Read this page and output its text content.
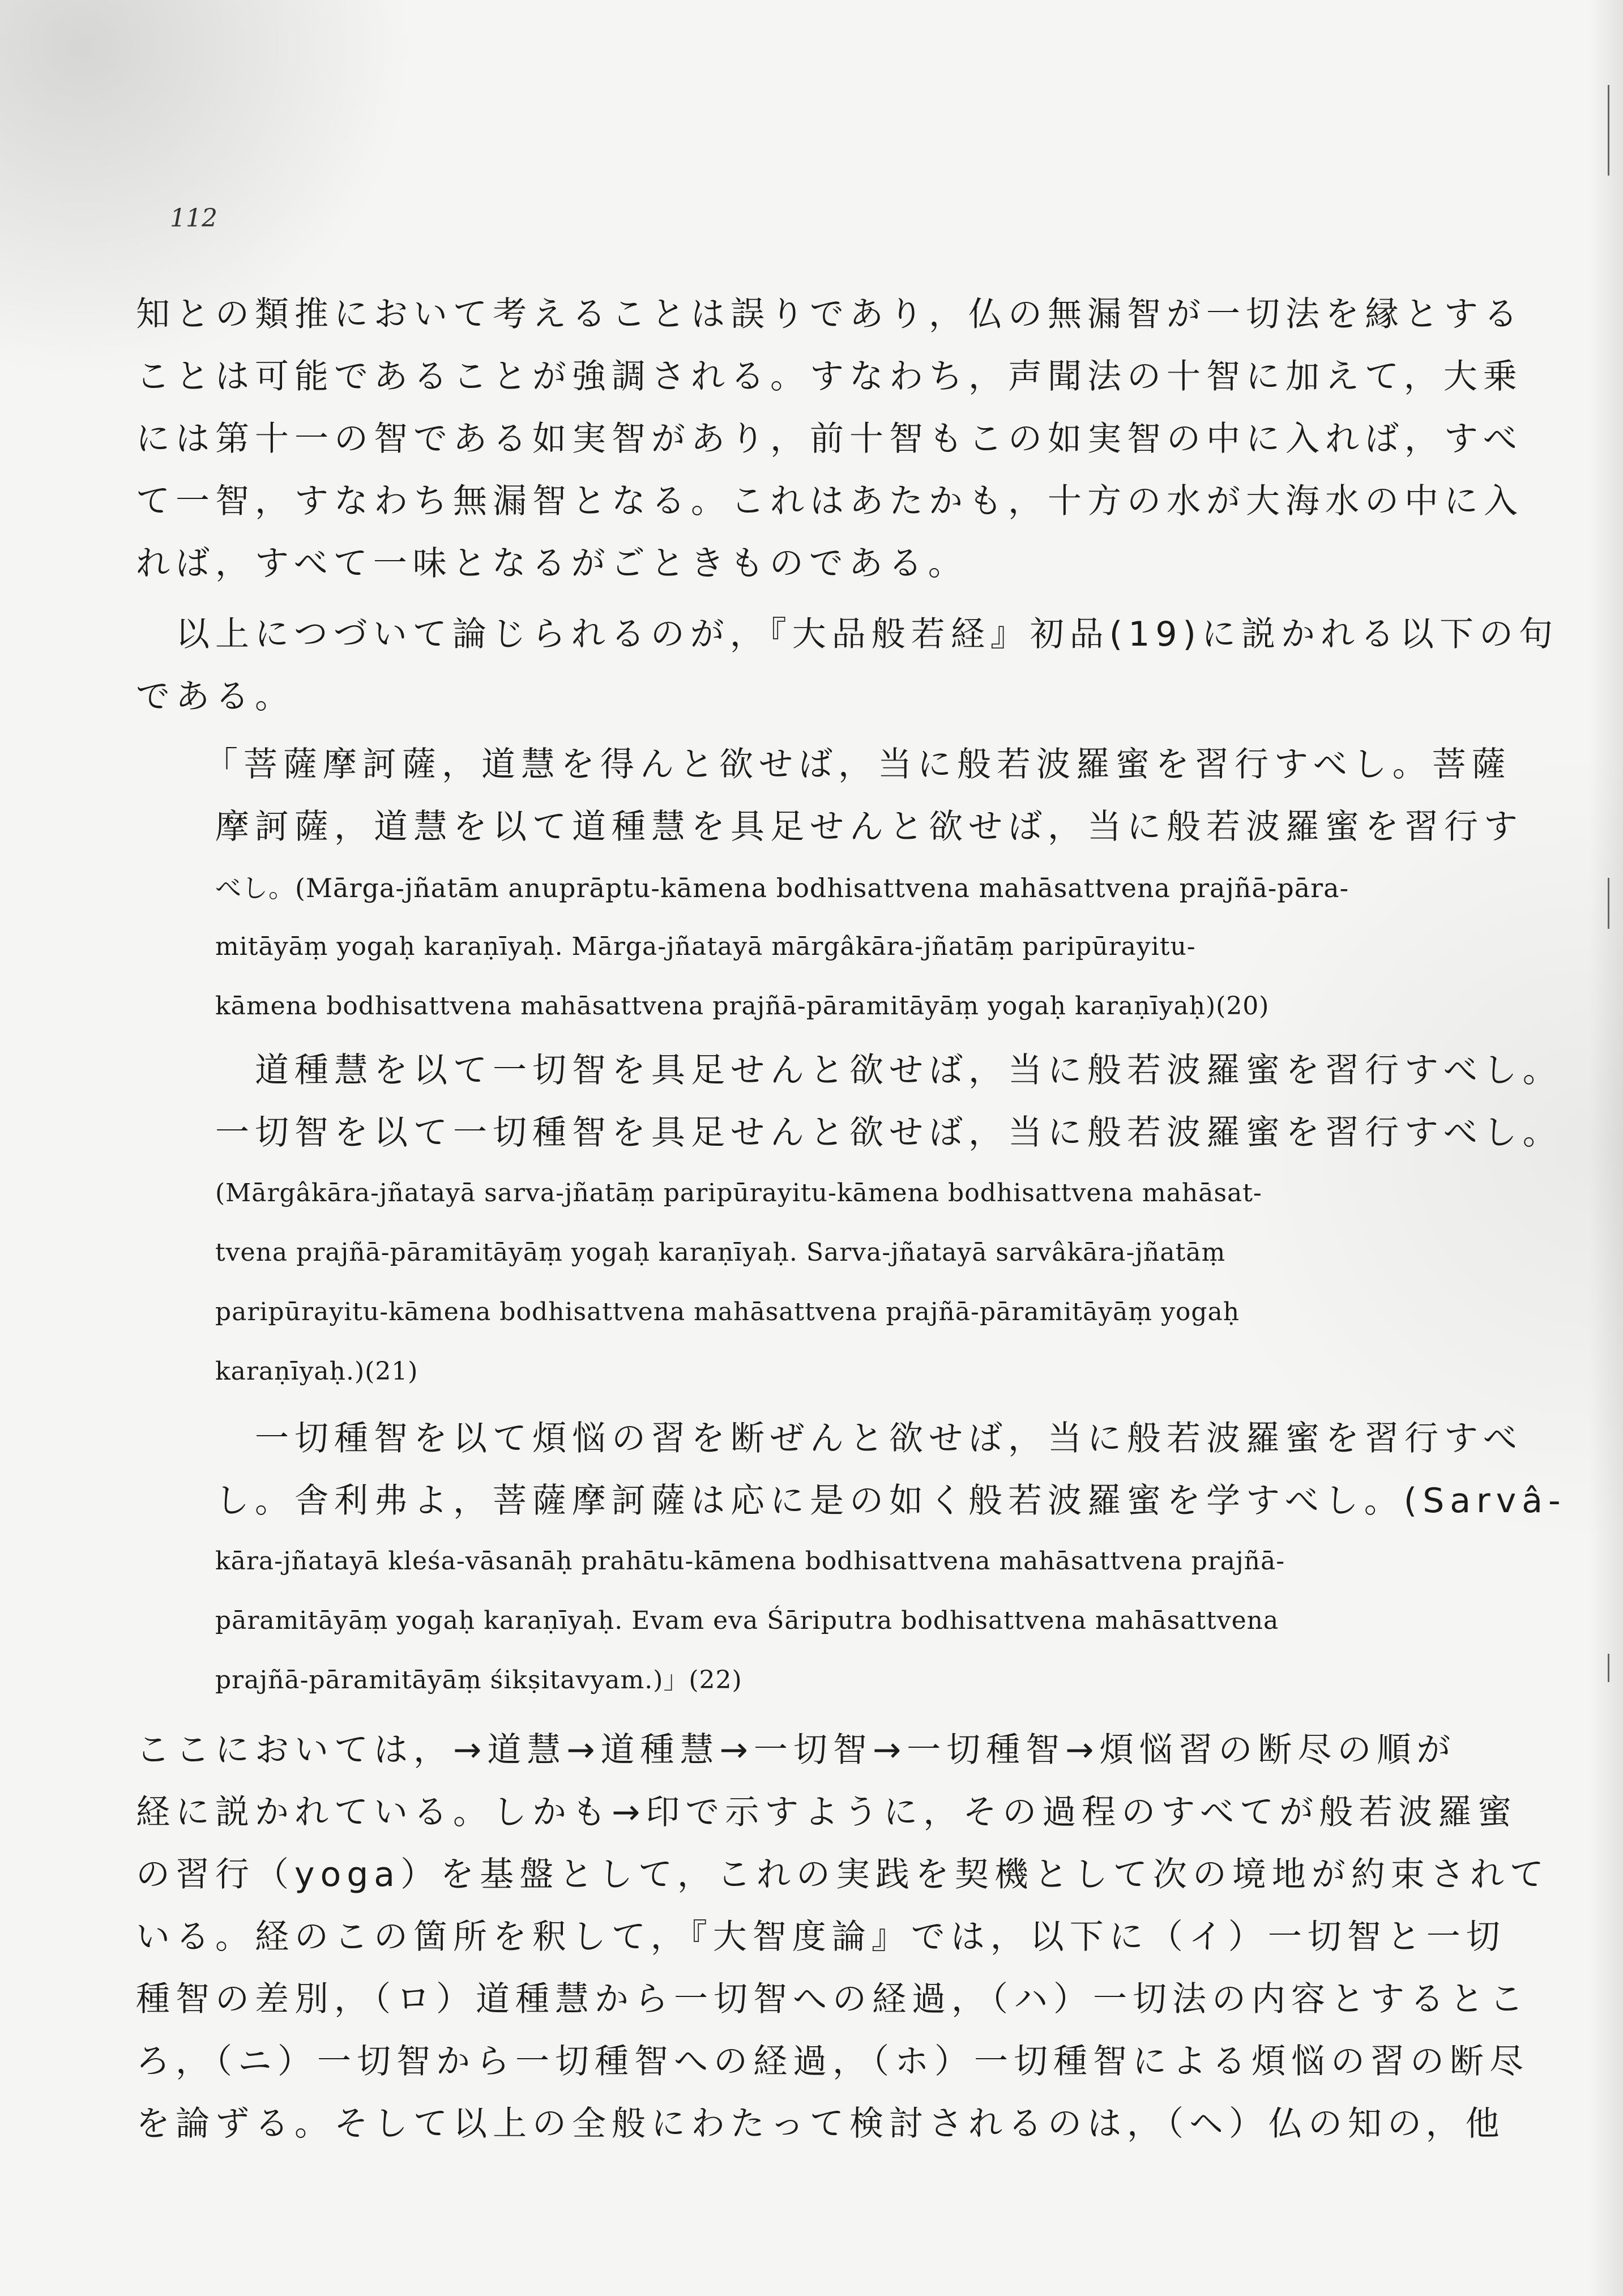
112
知との類推において考えることは誤りであり，仏の無漏智が一切法を縁とする
ことは可能であることが強調される。すなわち，声聞法の十智に加えて，大乗
には第十一の智である如実智があり，前十智もこの如実智の中に入れば，すべ
て一智，すなわち無漏智となる。これはあたかも，十方の水が大海水の中に入
れば，すべて一味となるがごときものである。
　以上につづいて論じられるのが，『大品般若経』初品(19)に説かれる以下の句
である。
「菩薩摩訶薩，道慧を得んと欲せば，当に般若波羅蜜を習行すべし。菩薩
摩訶薩，道慧を以て道種慧を具足せんと欲せば，当に般若波羅蜜を習行す
べし。(Mārga-jñatām anuprāptu-kāmena bodhisattvena mahāsattvena prajñā-pāra-
mitāyāṃ yogaḥ karaṇīyaḥ. Mārga-jñatayā mārgâkāra-jñatāṃ paripūrayitu-
kāmena bodhisattvena mahāsattvena prajñā-pāramitāyāṃ yogaḥ karaṇīyaḥ)(20)
　道種慧を以て一切智を具足せんと欲せば，当に般若波羅蜜を習行すべし。
一切智を以て一切種智を具足せんと欲せば，当に般若波羅蜜を習行すべし。
(Mārgâkāra-jñatayā sarva-jñatāṃ paripūrayitu-kāmena bodhisattvena mahāsat-
tvena prajñā-pāramitāyāṃ yogaḥ karaṇīyaḥ. Sarva-jñatayā sarvâkāra-jñatāṃ
paripūrayitu-kāmena bodhisattvena mahāsattvena prajñā-pāramitāyāṃ yogaḥ
karaṇīyaḥ.)(21)
　一切種智を以て煩悩の習を断ぜんと欲せば，当に般若波羅蜜を習行すべ
し。舎利弗よ，菩薩摩訶薩は応に是の如く般若波羅蜜を学すべし。(Sarvâ-
kāra-jñatayā kleśa-vāsanāḥ prahātu-kāmena bodhisattvena mahāsattvena prajñā-
pāramitāyāṃ yogaḥ karaṇīyaḥ. Evam eva Śāriputra bodhisattvena mahāsattvena
prajñā-pāramitāyāṃ śikṣitavyam.)」(22)
ここにおいては，→道慧→道種慧→一切智→一切種智→煩悩習の断尽の順が
経に説かれている。しかも→印で示すように，その過程のすべてが般若波羅蜜
の習行（yoga）を基盤として，これの実践を契機として次の境地が約束されて
いる。経のこの箇所を釈して，『大智度論』では，以下に（イ）一切智と一切
種智の差別，（ロ）道種慧から一切智への経過，（ハ）一切法の内容とするとこ
ろ，（ニ）一切智から一切種智への経過，（ホ）一切種智による煩悩の習の断尽
を論ずる。そして以上の全般にわたって検討されるのは，（ヘ）仏の知の，他
